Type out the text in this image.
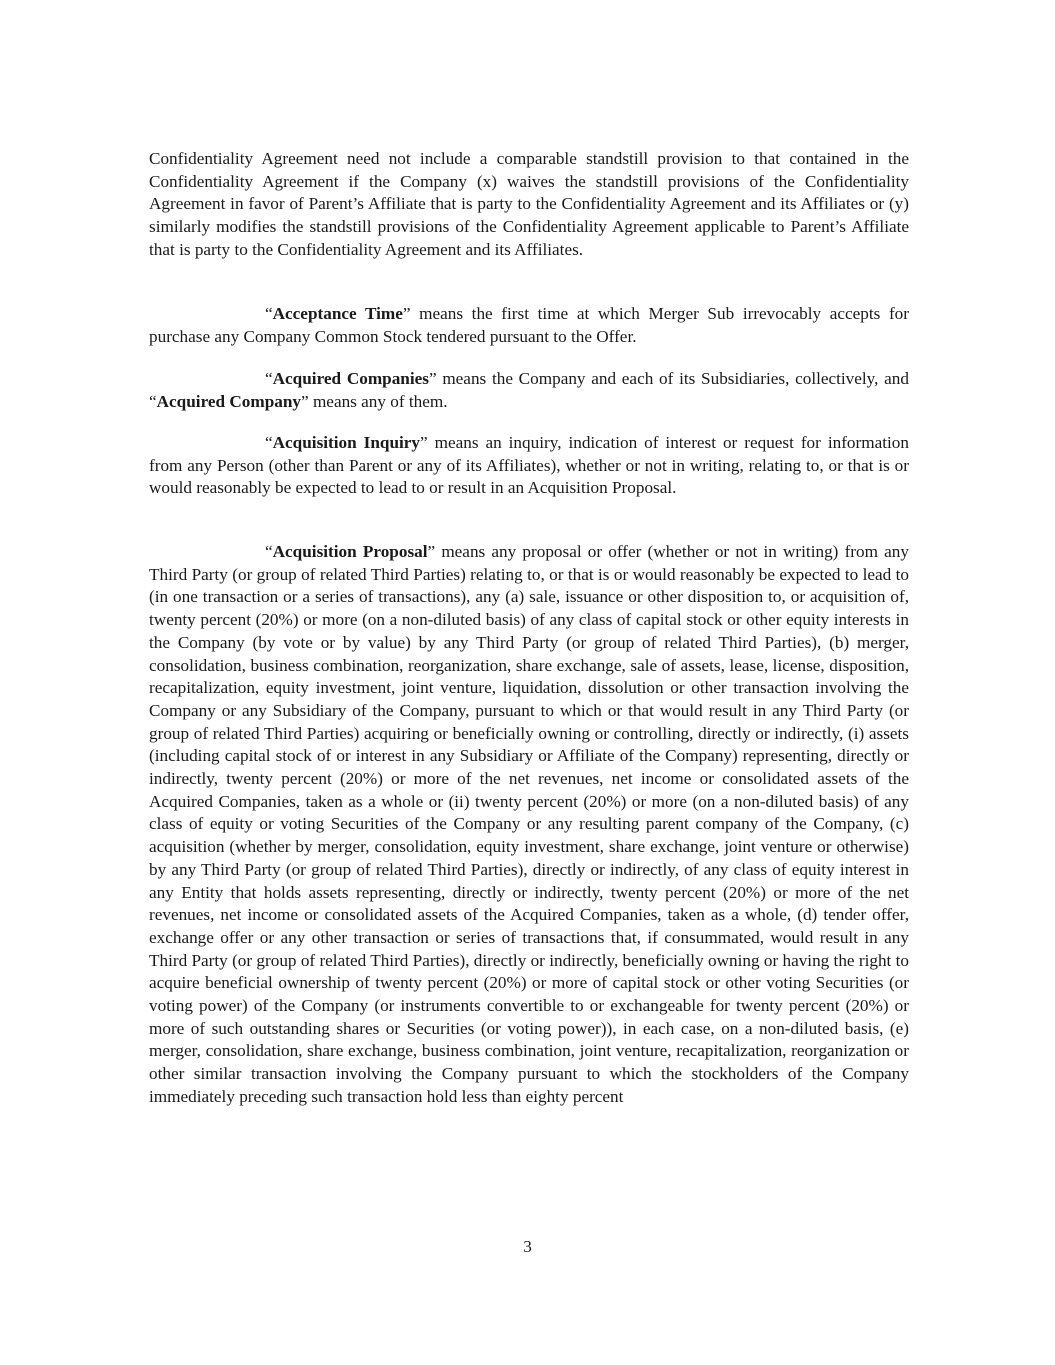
Confidentiality Agreement need not include a comparable standstill provision to that contained in the Confidentiality Agreement if the Company (x) waives the standstill provisions of the Confidentiality Agreement in favor of Parent’s Affiliate that is party to the Confidentiality Agreement and its Affiliates or (y) similarly modifies the standstill provisions of the Confidentiality Agreement applicable to Parent’s Affiliate that is party to the Confidentiality Agreement and its Affiliates.

“Acceptance Time” means the first time at which Merger Sub irrevocably accepts for purchase any Company Common Stock tendered pursuant to the Offer.

“Acquired Companies” means the Company and each of its Subsidiaries, collectively, and “Acquired Company” means any of them.

“Acquisition Inquiry” means an inquiry, indication of interest or request for information from any Person (other than Parent or any of its Affiliates), whether or not in writing, relating to, or that is or would reasonably be expected to lead to or result in an Acquisition Proposal.

“Acquisition Proposal” means any proposal or offer (whether or not in writing) from any Third Party (or group of related Third Parties) relating to, or that is or would reasonably be expected to lead to (in one transaction or a series of transactions), any (a) sale, issuance or other disposition to, or acquisition of, twenty percent (20%) or more (on a non-diluted basis) of any class of capital stock or other equity interests in the Company (by vote or by value) by any Third Party (or group of related Third Parties), (b) merger, consolidation, business combination, reorganization, share exchange, sale of assets, lease, license, disposition, recapitalization, equity investment, joint venture, liquidation, dissolution or other transaction involving the Company or any Subsidiary of the Company, pursuant to which or that would result in any Third Party (or group of related Third Parties) acquiring or beneficially owning or controlling, directly or indirectly, (i) assets (including capital stock of or interest in any Subsidiary or Affiliate of the Company) representing, directly or indirectly, twenty percent (20%) or more of the net revenues, net income or consolidated assets of the Acquired Companies, taken as a whole or (ii) twenty percent (20%) or more (on a non-diluted basis) of any class of equity or voting Securities of the Company or any resulting parent company of the Company, (c) acquisition (whether by merger, consolidation, equity investment, share exchange, joint venture or otherwise) by any Third Party (or group of related Third Parties), directly or indirectly, of any class of equity interest in any Entity that holds assets representing, directly or indirectly, twenty percent (20%) or more of the net revenues, net income or consolidated assets of the Acquired Companies, taken as a whole, (d) tender offer, exchange offer or any other transaction or series of transactions that, if consummated, would result in any Third Party (or group of related Third Parties), directly or indirectly, beneficially owning or having the right to acquire beneficial ownership of twenty percent (20%) or more of capital stock or other voting Securities (or voting power) of the Company (or instruments convertible to or exchangeable for twenty percent (20%) or more of such outstanding shares or Securities (or voting power)), in each case, on a non-diluted basis, (e) merger, consolidation, share exchange, business combination, joint venture, recapitalization, reorganization or other similar transaction involving the Company pursuant to which the stockholders of the Company immediately preceding such transaction hold less than eighty percent

3
